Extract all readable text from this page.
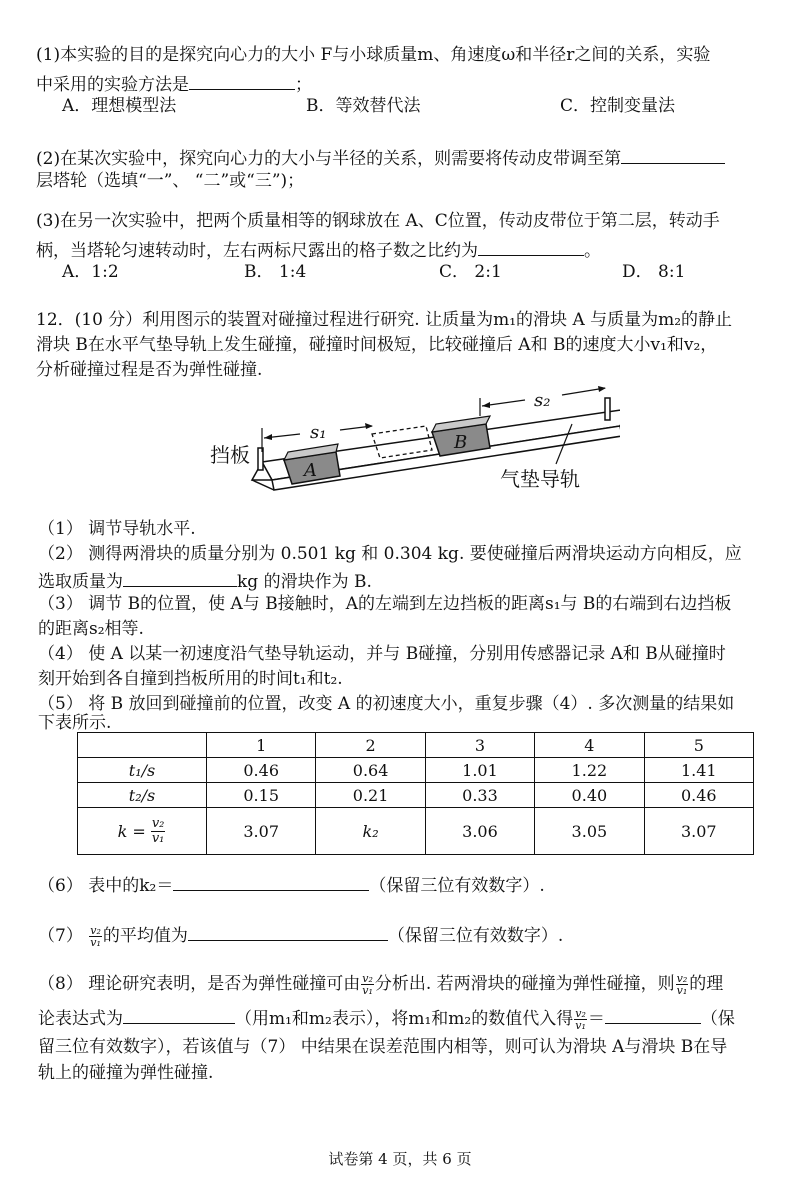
(1)本实验的目的是探究向心力的大小 F与小球质量m、角速度ω和半径r之间的关系，实验
中采用的实验方法是	；
A．理想模型法	B．等效替代法	C．控制变量法
(2)在某次实验中，探究向心力的大小与半径的关系，则需要将传动皮带调至第
层塔轮（选填“一”、 “二”或“三”)；
(3)在另一次实验中，把两个质量相等的钢球放在 A、C位置，传动皮带位于第二层，转动手
柄，当塔轮匀速转动时，左右两标尺露出的格子数之比约为	。
A．1:2	B． 1:4	C． 2:1	D． 8:1
12．(10 分）利用图示的装置对碰撞过程进行研究. 让质量为m₁的滑块 A 与质量为m₂的静止
滑块 B在水平气垫导轨上发生碰撞，碰撞时间极短，比较碰撞后 A和 B的速度大小v₁和v₂，
分析碰撞过程是否为弹性碰撞.
挡板
s₁
s₂
A
B
气垫导轨
（1） 调节导轨水平.
（2） 测得两滑块的质量分别为 0.501 kg 和 0.304 kg. 要使碰撞后两滑块运动方向相反，应
选取质量为	kg 的滑块作为 B.
（3） 调节 B的位置，使 A与 B接触时，A的左端到左边挡板的距离s₁与 B的右端到右边挡板
的距离s₂相等.
（4） 使 A 以某一初速度沿气垫导轨运动，并与 B碰撞，分别用传感器记录 A和 B从碰撞时
刻开始到各自撞到挡板所用的时间t₁和t₂.
（5） 将 B 放回到碰撞前的位置，改变 A 的初速度大小，重复步骤（4）. 多次测量的结果如
下表所示.
	1	2	3	4	5
t₁/s	0.46	0.64	1.01	1.22	1.41
t₂/s	0.15	0.21	0.33	0.40	0.46

$k = \frac{\text{v₂}}{\text{v₁}}$	3.07	k₂	3.06	3.05	3.07
（6） 表中的k₂＝	（保留三位有效数字）.
$(7) \frac{\text{v₂}}{\text{v₁}}$ 的平均值为	（保留三位有效数字）.
（8） 理论研究表明，是否为弹性碰撞可由 $\frac{\text{v₂}}{\text{v₁}}$ 分析出. 若两滑块的碰撞为弹性碰撞，则 $\frac{\text{v₂}}{\text{v₁}}$ 的理
论表达式为	（用m₁和m₂表示），将m₁和m₂的数值代入得 $\frac{\text{v₂}}{\text{v₁}}$ ＝	（保
留三位有效数字），若该值与（7） 中结果在误差范围内相等，则可认为滑块 A与滑块 B在导
轨上的碰撞为弹性碰撞.
试卷第 4 页，共 6 页
